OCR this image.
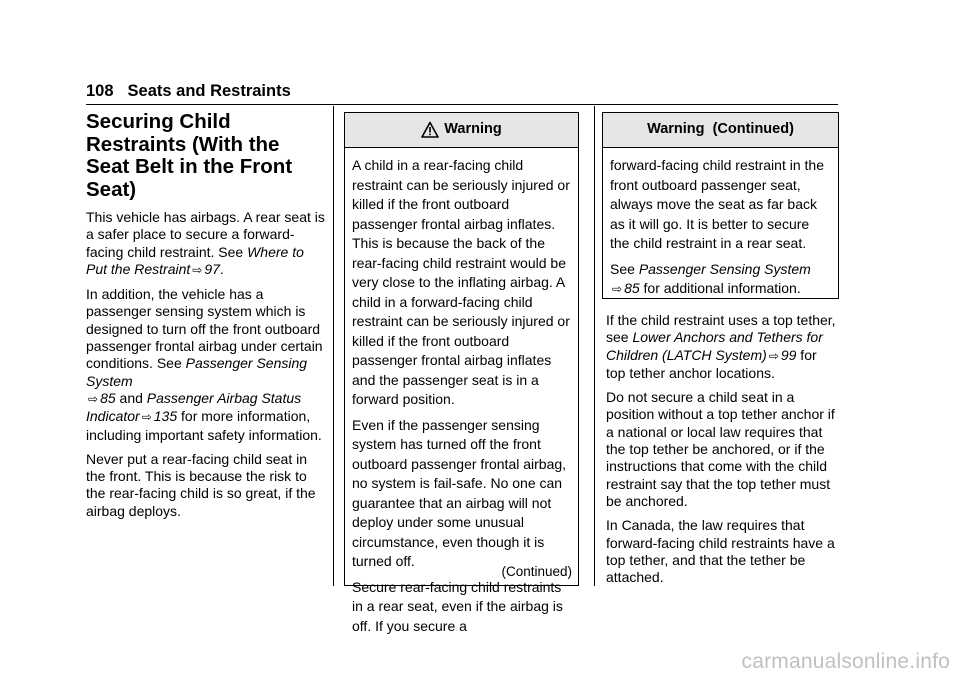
108 Seats and Restraints
Securing Child Restraints (With the Seat Belt in the Front Seat)

This vehicle has airbags. A rear seat is a safer place to secure a forward-facing child restraint. See Where to Put the Restraint ⇨ 97.

In addition, the vehicle has a passenger sensing system which is designed to turn off the front outboard passenger frontal airbag under certain conditions. See Passenger Sensing System
⇨ 85 and Passenger Airbag Status Indicator ⇨ 135 for more information, including important safety information.

Never put a rear-facing child seat in the front. This is because the risk to the rear-facing child is so great, if the airbag deploys.

Warning

A child in a rear-facing child restraint can be seriously injured or killed if the front outboard passenger frontal airbag inflates. This is because the back of the rear-facing child restraint would be very close to the inflating airbag. A child in a forward-facing child restraint can be seriously injured or killed if the front outboard passenger frontal airbag inflates and the passenger seat is in a forward position.

Even if the passenger sensing system has turned off the front outboard passenger frontal airbag, no system is fail-safe. No one can guarantee that an airbag will not deploy under some unusual circumstance, even though it is turned off.

Secure rear-facing child restraints in a rear seat, even if the airbag is off. If you secure a

(Continued)
Warning  (Continued)

forward-facing child restraint in the front outboard passenger seat, always move the seat as far back as it will go. It is better to secure the child restraint in a rear seat.

See Passenger Sensing System
⇨ 85 for additional information.

If the child restraint uses a top tether, see Lower Anchors and Tethers for Children (LATCH System) ⇨ 99 for top tether anchor locations.

Do not secure a child seat in a position without a top tether anchor if a national or local law requires that the top tether be anchored, or if the instructions that come with the child restraint say that the top tether must be anchored.

In Canada, the law requires that forward-facing child restraints have a top tether, and that the tether be attached.

carmanualsonline.info
